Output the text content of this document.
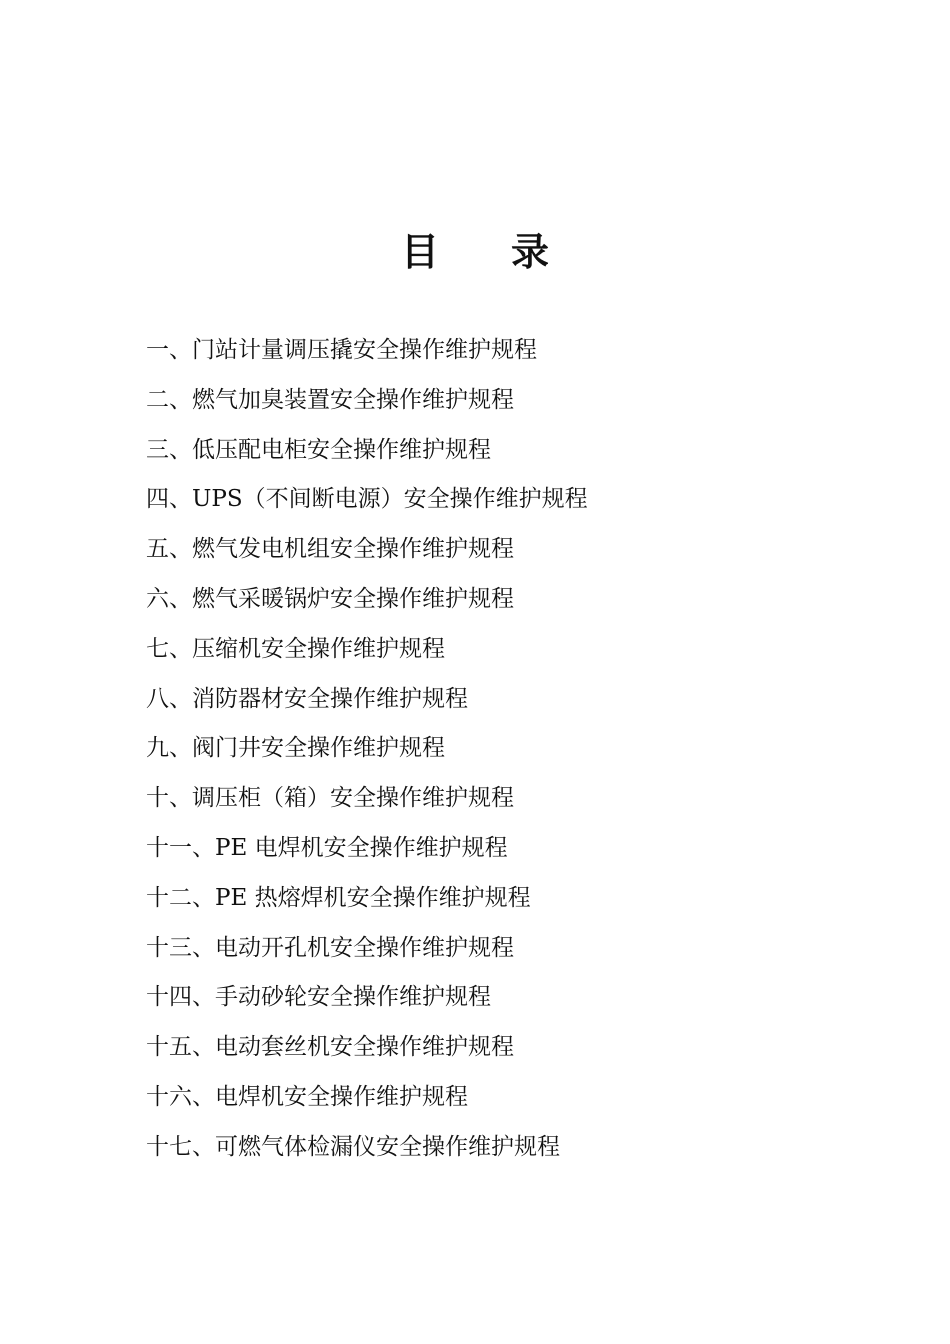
目录
一、门站计量调压撬安全操作维护规程
二、燃气加臭装置安全操作维护规程
三、低压配电柜安全操作维护规程
四、UPS（不间断电源）安全操作维护规程
五、燃气发电机组安全操作维护规程
六、燃气采暖锅炉安全操作维护规程
七、压缩机安全操作维护规程
八、消防器材安全操作维护规程
九、阀门井安全操作维护规程
十、调压柜（箱）安全操作维护规程
十一、PE 电焊机安全操作维护规程
十二、PE 热熔焊机安全操作维护规程
十三、电动开孔机安全操作维护规程
十四、手动砂轮安全操作维护规程
十五、电动套丝机安全操作维护规程
十六、电焊机安全操作维护规程
十七、可燃气体检漏仪安全操作维护规程
